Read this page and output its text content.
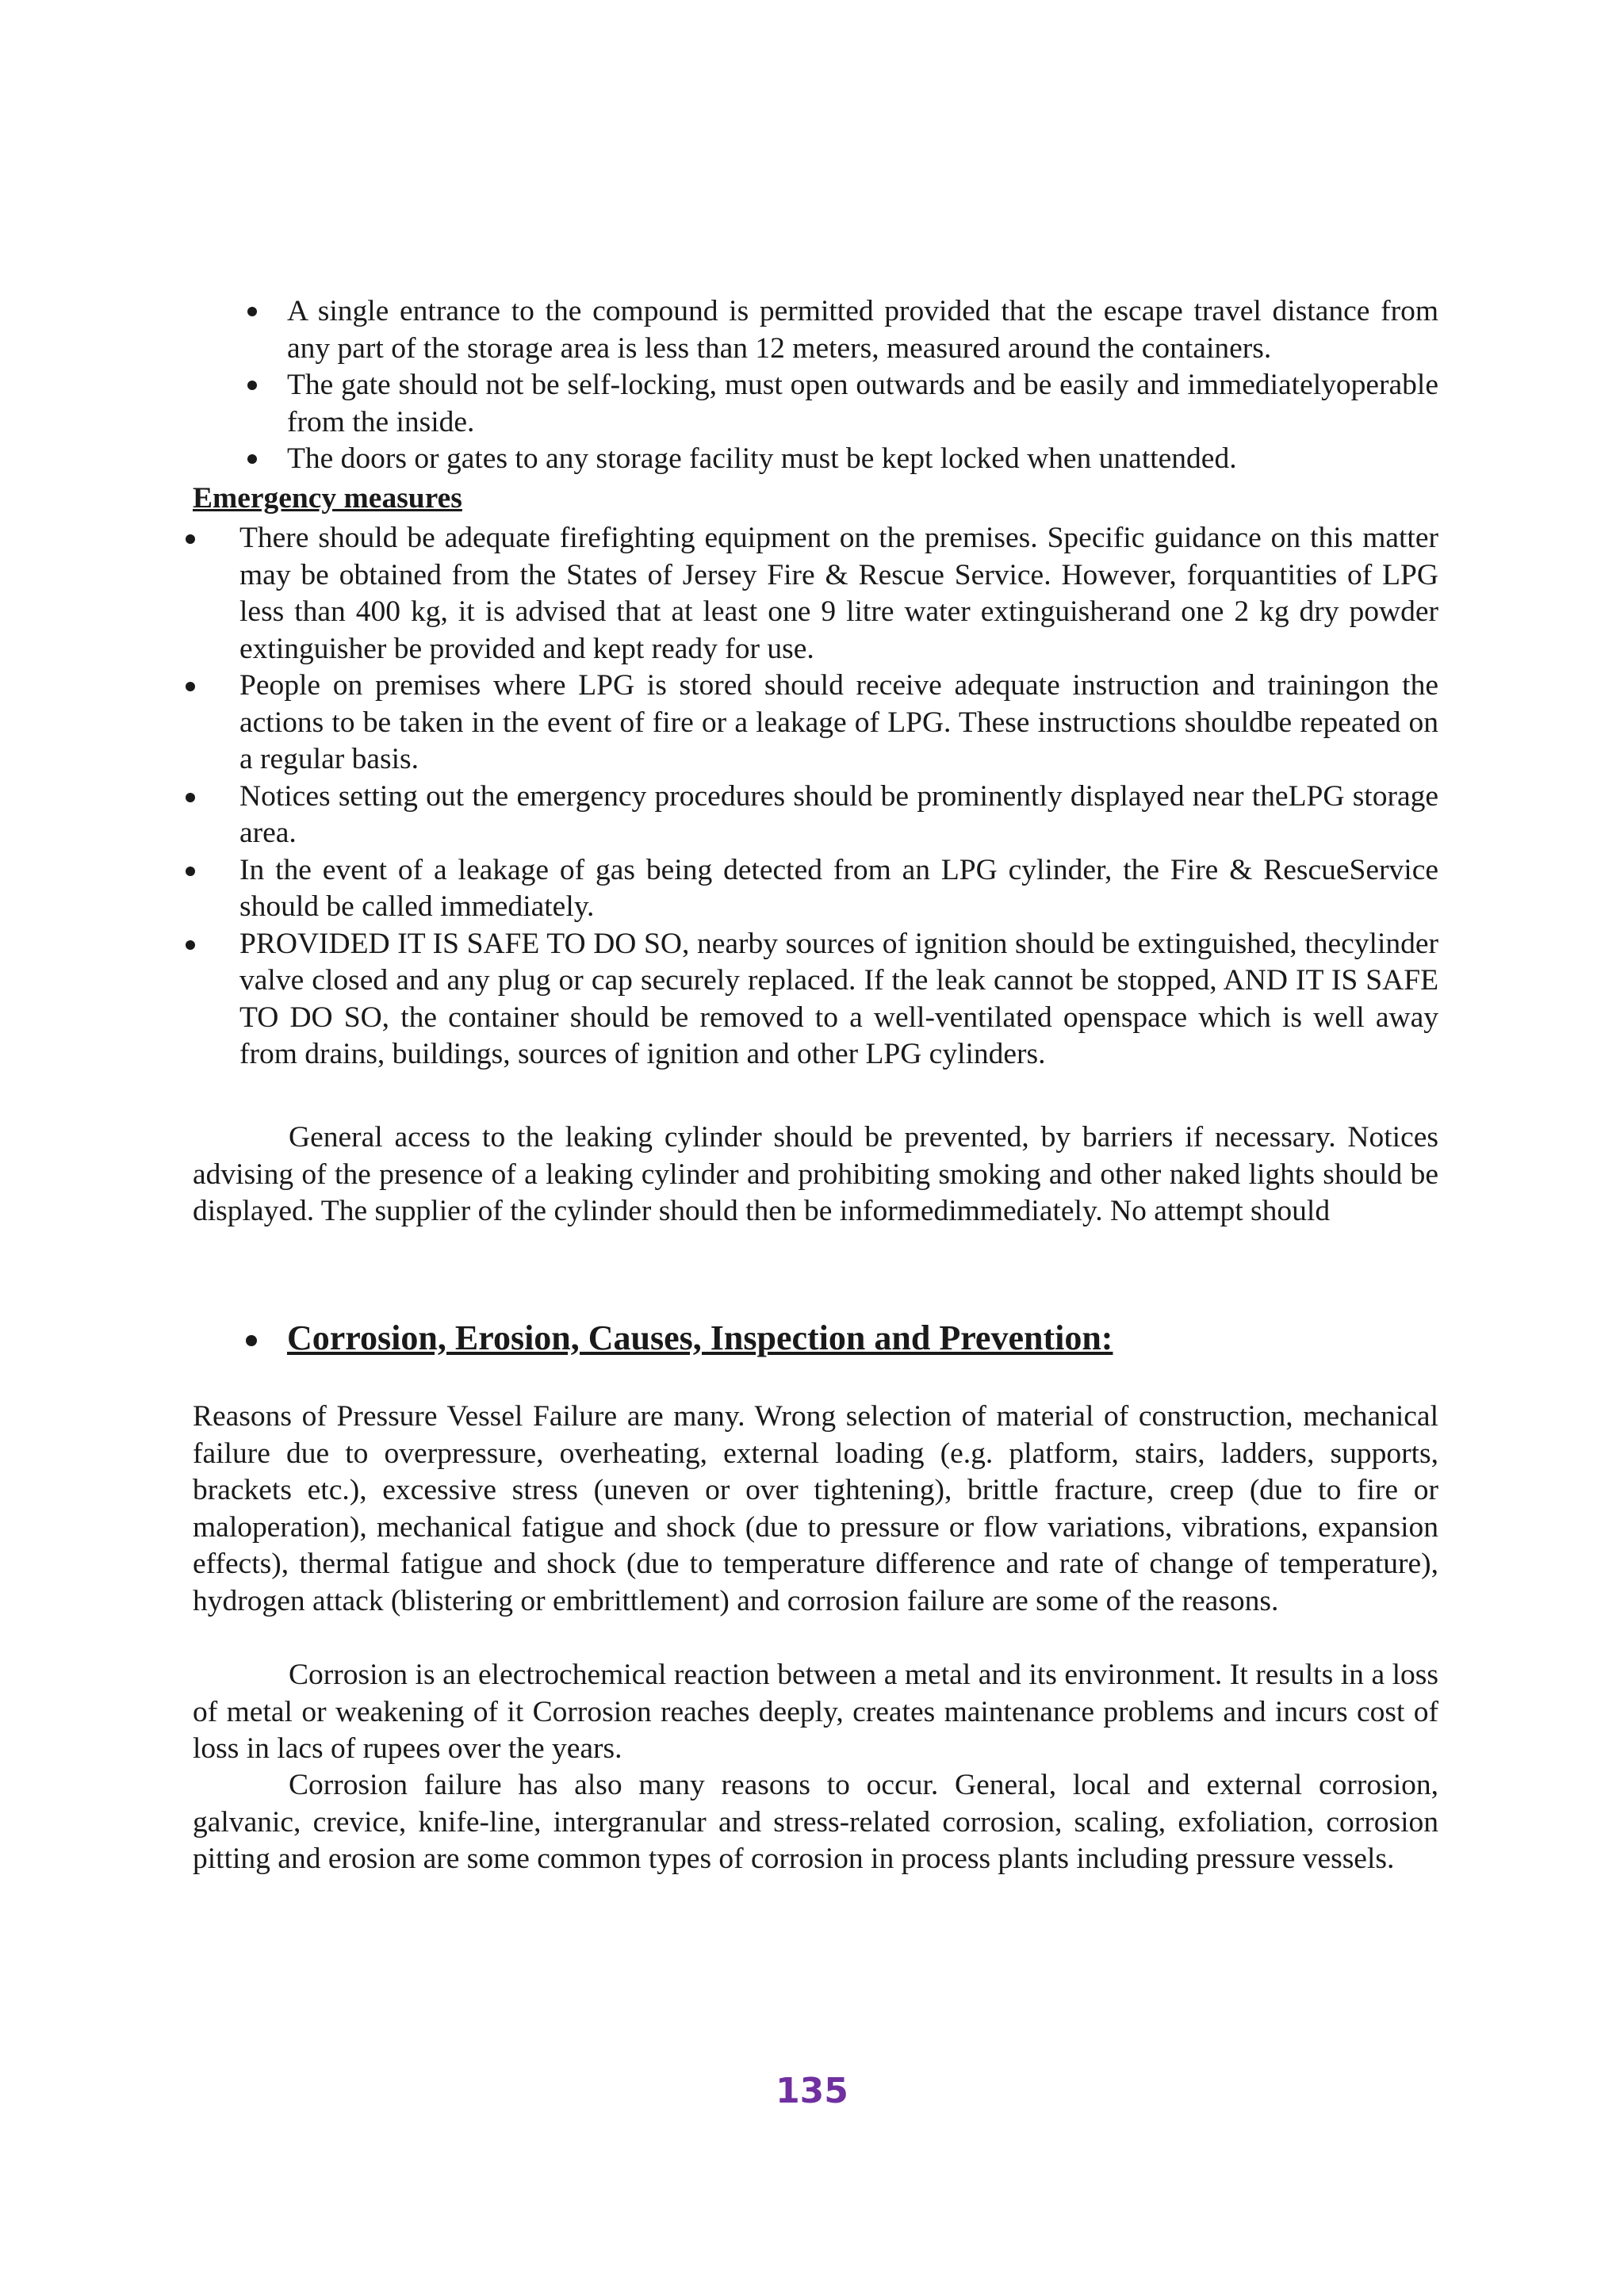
A single entrance to the compound is permitted provided that the escape travel distance from any part of the storage area is less than 12 meters, measured around the containers.
The gate should not be self-locking, must open outwards and be easily and immediatelyoperable from the inside.
The doors or gates to any storage facility must be kept locked when unattended.

Emergency measures

There should be adequate firefighting equipment on the premises. Specific guidance on this matter may be obtained from the States of Jersey Fire & Rescue Service. However, forquantities of LPG less than 400 kg, it is advised that at least one 9 litre water extinguisherand one 2 kg dry powder extinguisher be provided and kept ready for use.
People on premises where LPG is stored should receive adequate instruction and trainingon the actions to be taken in the event of fire or a leakage of LPG. These instructions shouldbe repeated on a regular basis.
Notices setting out the emergency procedures should be prominently displayed near theLPG storage area.
In the event of a leakage of gas being detected from an LPG cylinder, the Fire & RescueService should be called immediately.
PROVIDED IT IS SAFE TO DO SO, nearby sources of ignition should be extinguished, thecylinder valve closed and any plug or cap securely replaced. If the leak cannot be stopped, AND IT IS SAFE TO DO SO, the container should be removed to a well-ventilated openspace which is well away from drains, buildings, sources of ignition and other LPG cylinders.

General access to the leaking cylinder should be prevented, by barriers if necessary. Notices advising of the presence of a leaking cylinder and prohibiting smoking and other naked lights should be displayed. The supplier of the cylinder should then be informedimmediately. No attempt should

Corrosion, Erosion, Causes, Inspection and Prevention:

Reasons of Pressure Vessel Failure are many. Wrong selection of material of construction, mechanical failure due to overpressure, overheating, external loading (e.g. platform, stairs, ladders, supports, brackets etc.), excessive stress (uneven or over tightening), brittle fracture, creep (due to fire or maloperation), mechanical fatigue and shock (due to pressure or flow variations, vibrations, expansion effects), thermal fatigue and shock (due to temperature difference and rate of change of temperature), hydrogen attack (blistering or embrittlement) and corrosion failure are some of the reasons.

Corrosion is an electrochemical reaction between a metal and its environment. It results in a loss of metal or weakening of it Corrosion reaches deeply, creates maintenance problems and incurs cost of loss in lacs of rupees over the years.

Corrosion failure has also many reasons to occur. General, local and external corrosion, galvanic, crevice, knife-line, intergranular and stress-related corrosion, scaling, exfoliation, corrosion pitting and erosion are some common types of corrosion in process plants including pressure vessels.

135
